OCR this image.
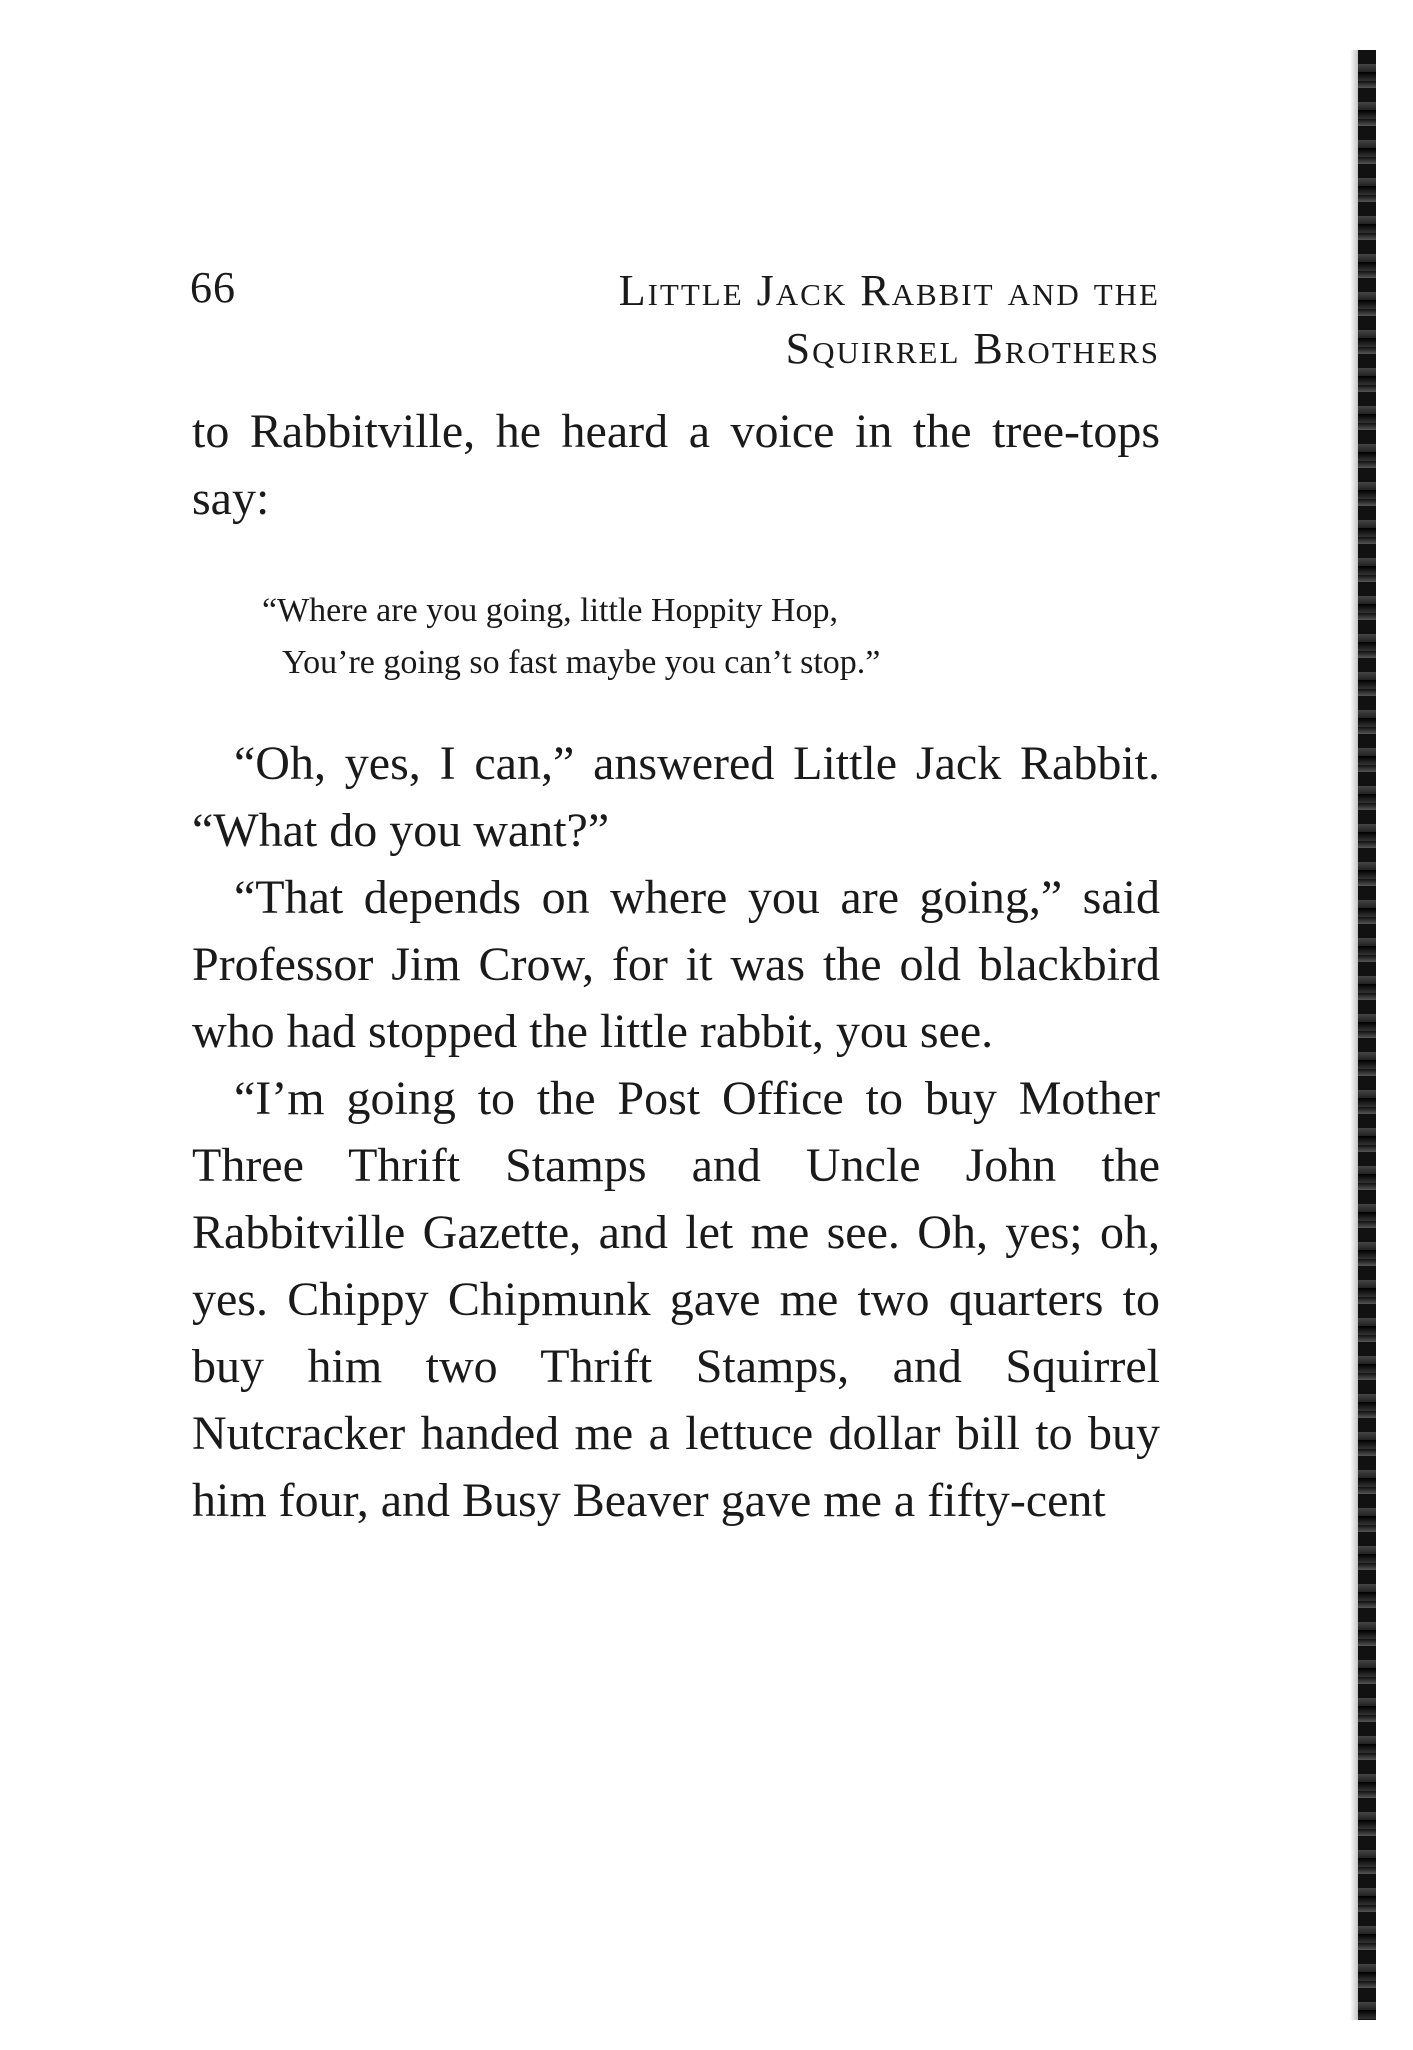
66	Little Jack Rabbit and the
Squirrel Brothers

to Rabbitville, he heard a voice in the tree-tops say:

“Where are you going, little Hoppity Hop,
You’re going so fast maybe you can’t stop.”

“Oh, yes, I can,” answered Little Jack Rabbit. “What do you want?”

“That depends on where you are going,” said Professor Jim Crow, for it was the old blackbird who had stopped the little rabbit, you see.

“I’m going to the Post Office to buy Mother Three Thrift Stamps and Uncle John the Rabbitville Gazette, and let me see. Oh, yes; oh, yes. Chippy Chipmunk gave me two quarters to buy him two Thrift Stamps, and Squirrel Nutcracker handed me a lettuce dollar bill to buy him four, and Busy Beaver gave me a fifty-cent
